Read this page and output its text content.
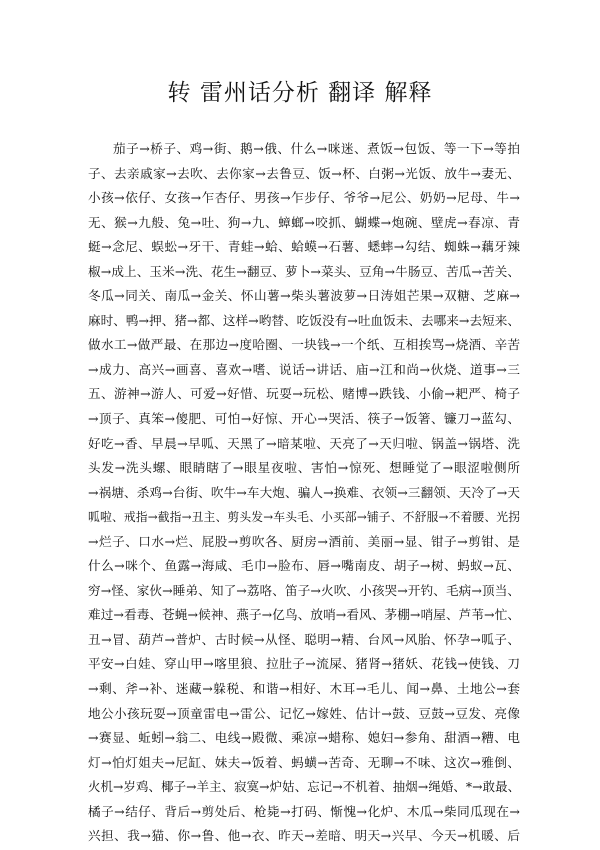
转 雷州话分析 翻译 解释
茄子→桥子、鸡→街、鹅→俄、什么→咪迷、煮饭→包饭、等一下→等拍
子、去亲戚家→去吹、去你家→去鲁豆、饭→杯、白粥→光饭、放牛→妻无、
小孩→依仔、女孩→乍杏仔、男孩→乍步仔、爷爷→尼公、奶奶→尼母、牛→
无、猴→九般、兔→吐、狗→九、蟑螂→咬抓、蝴蝶→炮碗、壁虎→春凉、青
蜓→念尼、蜈蚣→牙干、青蛙→蛤、蛤蟆→石薯、蟋蟀→勾结、蜘蛛→藕牙辣
椒→成上、玉米→洗、花生→翻豆、萝卜→菜头、豆角→牛肠豆、苦瓜→苦关、
冬瓜→同关、南瓜→金关、怀山薯→柴头薯波萝→日涛姐芒果→双糖、芝麻→
麻时、鸭→押、猪→都、这样→哟替、吃饭没有→吐血饭未、去哪来→去短来、
做水工→做严最、在那边→度哈圈、一块钱→一个纸、互相挨骂→烧酒、辛苦
→成力、高兴→画喜、喜欢→嗜、说话→讲话、庙→江和尚→伙烧、道事→三
五、游神→游人、可爱→好惜、玩耍→玩松、赌博→跌钱、小偷→耙严、椅子
→顶子、真笨→傻肥、可怕→好惊、开心→哭活、筷子→饭箸、镰刀→蓝勾、
好吃→香、早晨→早呱、天黑了→暗某啦、天亮了→天归啦、锅盖→锅塔、洗
头发→洗头螺、眼睛瞎了→眼星夜啦、害怕→惊死、想睡觉了→眼涩啦侧所
→祸塘、杀鸡→台街、吹牛→车大炮、骗人→换难、衣领→三翻领、天冷了→天
呱啦、戒指→截指→丑主、剪头发→车头毛、小买部→铺子、不舒服→不着腰、光拐
→烂子、口水→烂、屁股→剪吹各、厨房→酒前、美丽→显、钳子→剪钳、是
什么→咪个、鱼露→海咸、毛巾→脸布、唇→嘴南皮、胡子→树、蚂蚁→瓦、
穷→怪、家伙→睡弟、知了→荔咯、笛子→火吹、小孩哭→开钓、毛病→顶当、
难过→看毒、苍蝇→候神、燕子→亿鸟、放哨→看风、茅棚→哨屋、芦苇→忙、
丑→冒、葫芦→普炉、古时候→从怪、聪明→精、台风→风胎、怀孕→呱子、
平安→白娃、穿山甲→喀里狼、拉肚子→流屎、猪肾→猪妖、花钱→使钱、刀
→剩、斧→补、迷藏→躲税、和谐→相好、木耳→毛儿、闻→鼻、土地公→套
地公小孩玩耍→顶童雷电→雷公、记忆→嫁姓、估计→鼓、豆鼓→豆发、亮像
→赛显、蚯蚓→翁二、电线→殿微、乘凉→蜡称、媳妇→参角、甜酒→糟、电
灯→怕灯姐夫→尼缸、妹夫→饭着、蚂蟥→苦奇、无聊→不味、这次→雅倒、
火机→岁鸡、椰子→羊主、寂寞→炉姑、忘记→不机着、抽烟→绳婚、*→敢最、
橘子→结仔、背后→剪处后、枪毙→打码、惭愧→化炉、木瓜→柴同瓜现在→
兴担、我→猫、你→鲁、他→衣、昨天→差暗、明天→兴早、今天→机暖、后
